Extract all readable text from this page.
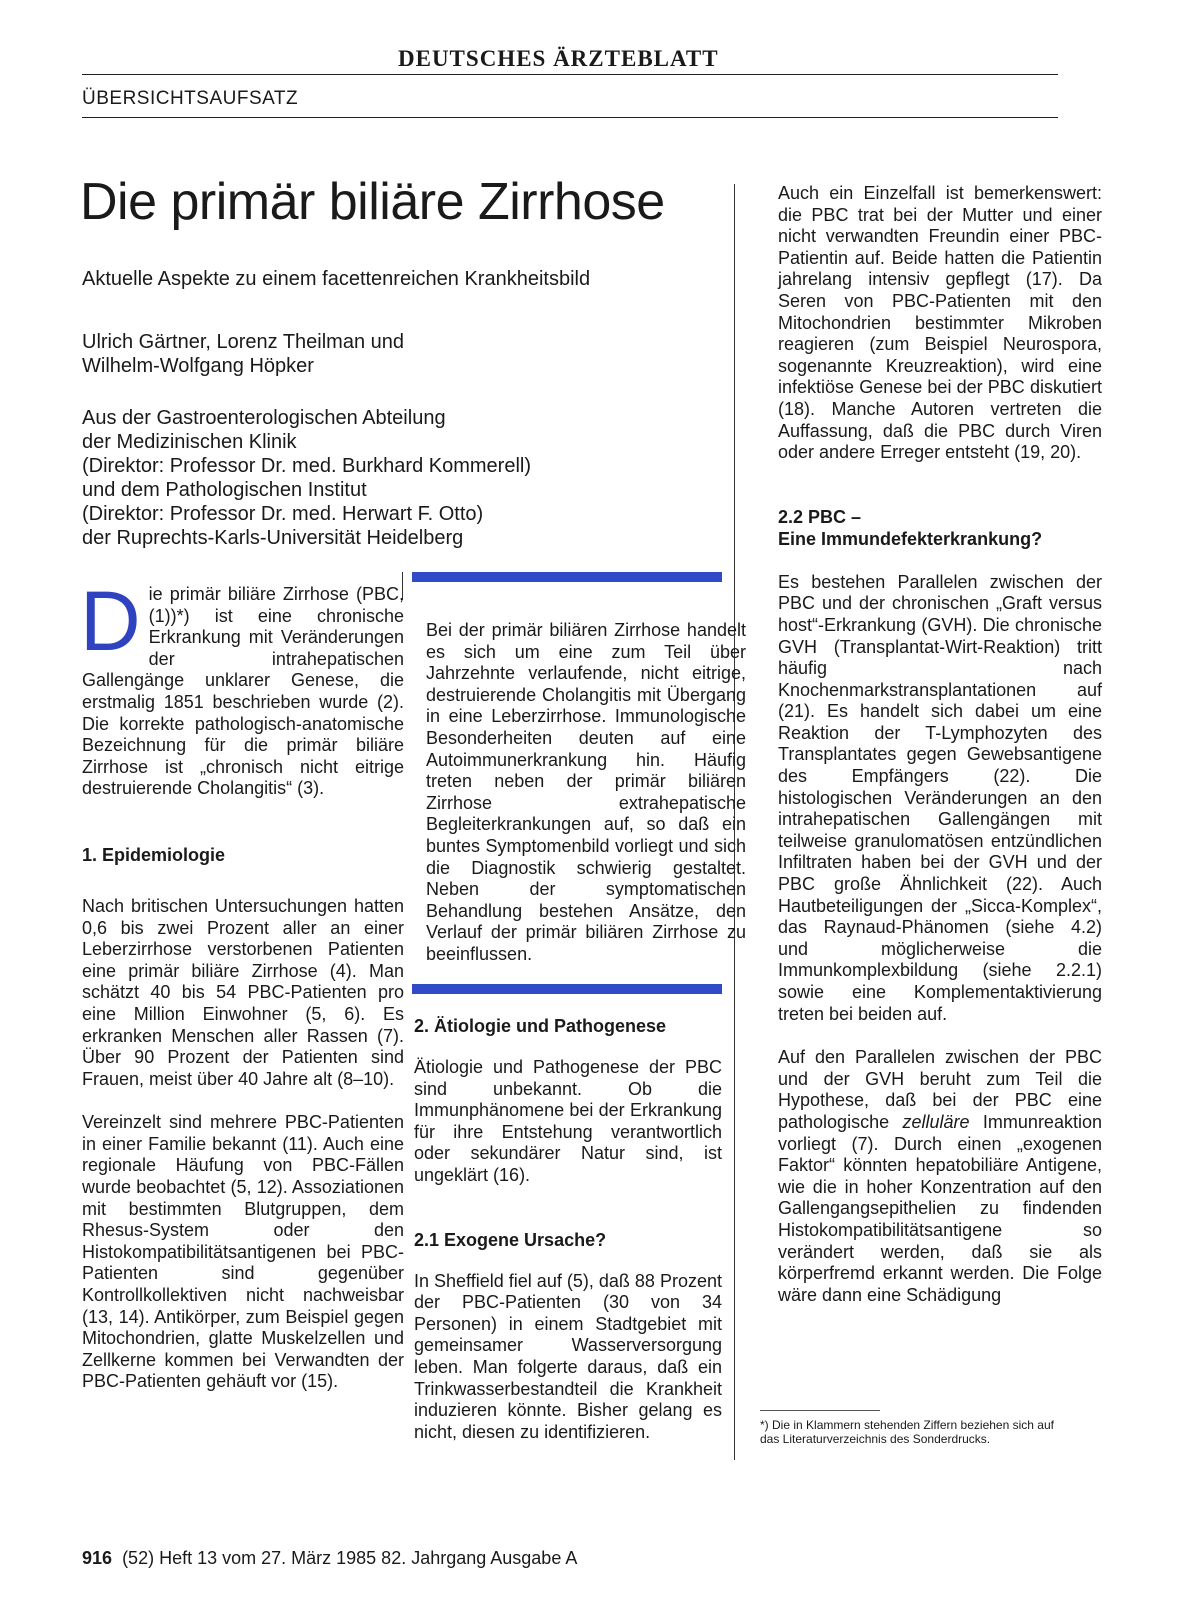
DEUTSCHES ÄRZTEBLATT
ÜBERSICHTSAUFSATZ
Die primär biliäre Zirrhose
Aktuelle Aspekte zu einem facettenreichen Krankheitsbild
Ulrich Gärtner, Lorenz Theilman und
Wilhelm-Wolfgang Höpker
Aus der Gastroenterologischen Abteilung
der Medizinischen Klinik
(Direktor: Professor Dr. med. Burkhard Kommerell)
und dem Pathologischen Institut
(Direktor: Professor Dr. med. Herwart F. Otto)
der Ruprechts-Karls-Universität Heidelberg

Die primär biliäre Zirrhose (PBC, (1))*) ist eine chronische Erkrankung mit Veränderungen der intrahepatischen Gallengänge unklarer Genese, die erstmalig 1851 beschrieben wurde (2). Die korrekte pathologisch-anatomische Bezeichnung für die primär biliäre Zirrhose ist „chronisch nicht eitrige destruierende Cholangitis“ (3).

1. Epidemiologie

Nach britischen Untersuchungen hatten 0,6 bis zwei Prozent aller an einer Leberzirrhose verstorbenen Patienten eine primär biliäre Zirrhose (4). Man schätzt 40 bis 54 PBC-Patienten pro eine Million Einwohner (5, 6). Es erkranken Menschen aller Rassen (7). Über 90 Prozent der Patienten sind Frauen, meist über 40 Jahre alt (8–10).

Vereinzelt sind mehrere PBC-Patienten in einer Familie bekannt (11). Auch eine regionale Häufung von PBC-Fällen wurde beobachtet (5, 12). Assoziationen mit bestimmten Blutgruppen, dem Rhesus-System oder den Histokompatibilitätsantigenen bei PBC-Patienten sind gegenüber Kontrollkollektiven nicht nachweisbar (13, 14). Antikörper, zum Beispiel gegen Mitochondrien, glatte Muskelzellen und Zellkerne kommen bei Verwandten der PBC-Patienten gehäuft vor (15).

Bei der primär biliären Zirrhose handelt es sich um eine zum Teil über Jahrzehnte verlaufende, nicht eitrige, destruierende Cholangitis mit Übergang in eine Leberzirrhose. Immunologische Besonderheiten deuten auf eine Autoimmunerkrankung hin. Häufig treten neben der primär biliären Zirrhose extrahepatische Begleiterkrankungen auf, so daß ein buntes Symptomenbild vorliegt und sich die Diagnostik schwierig gestaltet. Neben der symptomatischen Behandlung bestehen Ansätze, den Verlauf der primär biliären Zirrhose zu beeinflussen.

2. Ätiologie und Pathogenese

Ätiologie und Pathogenese der PBC sind unbekannt. Ob die Immunphänomene bei der Erkrankung für ihre Entstehung verantwortlich oder sekundärer Natur sind, ist ungeklärt (16).

2.1 Exogene Ursache?

In Sheffield fiel auf (5), daß 88 Prozent der PBC-Patienten (30 von 34 Personen) in einem Stadtgebiet mit gemeinsamer Wasserversorgung leben. Man folgerte daraus, daß ein Trinkwasserbestandteil die Krankheit induzieren könnte. Bisher gelang es nicht, diesen zu identifizieren.

Auch ein Einzelfall ist bemerkenswert: die PBC trat bei der Mutter und einer nicht verwandten Freundin einer PBC-Patientin auf. Beide hatten die Patientin jahrelang intensiv gepflegt (17). Da Seren von PBC-Patienten mit den Mitochondrien bestimmter Mikroben reagieren (zum Beispiel Neurospora, sogenannte Kreuzreaktion), wird eine infektiöse Genese bei der PBC diskutiert (18). Manche Autoren vertreten die Auffassung, daß die PBC durch Viren oder andere Erreger entsteht (19, 20).

2.2 PBC –
Eine Immundefekterkrankung?

Es bestehen Parallelen zwischen der PBC und der chronischen „Graft versus host“-Erkrankung (GVH). Die chronische GVH (Transplantat-Wirt-Reaktion) tritt häufig nach Knochenmarkstransplantationen auf (21). Es handelt sich dabei um eine Reaktion der T-Lymphozyten des Transplantates gegen Gewebsantigene des Empfängers (22). Die histologischen Veränderungen an den intrahepatischen Gallengängen mit teilweise granulomatösen entzündlichen Infiltraten haben bei der GVH und der PBC große Ähnlichkeit (22). Auch Hautbeteiligungen der „Sicca-Komplex“, das Raynaud-Phänomen (siehe 4.2) und möglicherweise die Immunkomplexbildung (siehe 2.2.1) sowie eine Komplementaktivierung treten bei beiden auf.

Auf den Parallelen zwischen der PBC und der GVH beruht zum Teil die Hypothese, daß bei der PBC eine pathologische zelluläre Immunreaktion vorliegt (7). Durch einen „exogenen Faktor“ könnten hepatobiliäre Antigene, wie die in hoher Konzentration auf den Gallengangsepithelien zu findenden Histokompatibilitätsantigene so verändert werden, daß sie als körperfremd erkannt werden. Die Folge wäre dann eine Schädigung

*) Die in Klammern stehenden Ziffern beziehen sich auf das Literaturverzeichnis des Sonderdrucks.
916 (52) Heft 13 vom 27. März 1985 82. Jahrgang Ausgabe A
